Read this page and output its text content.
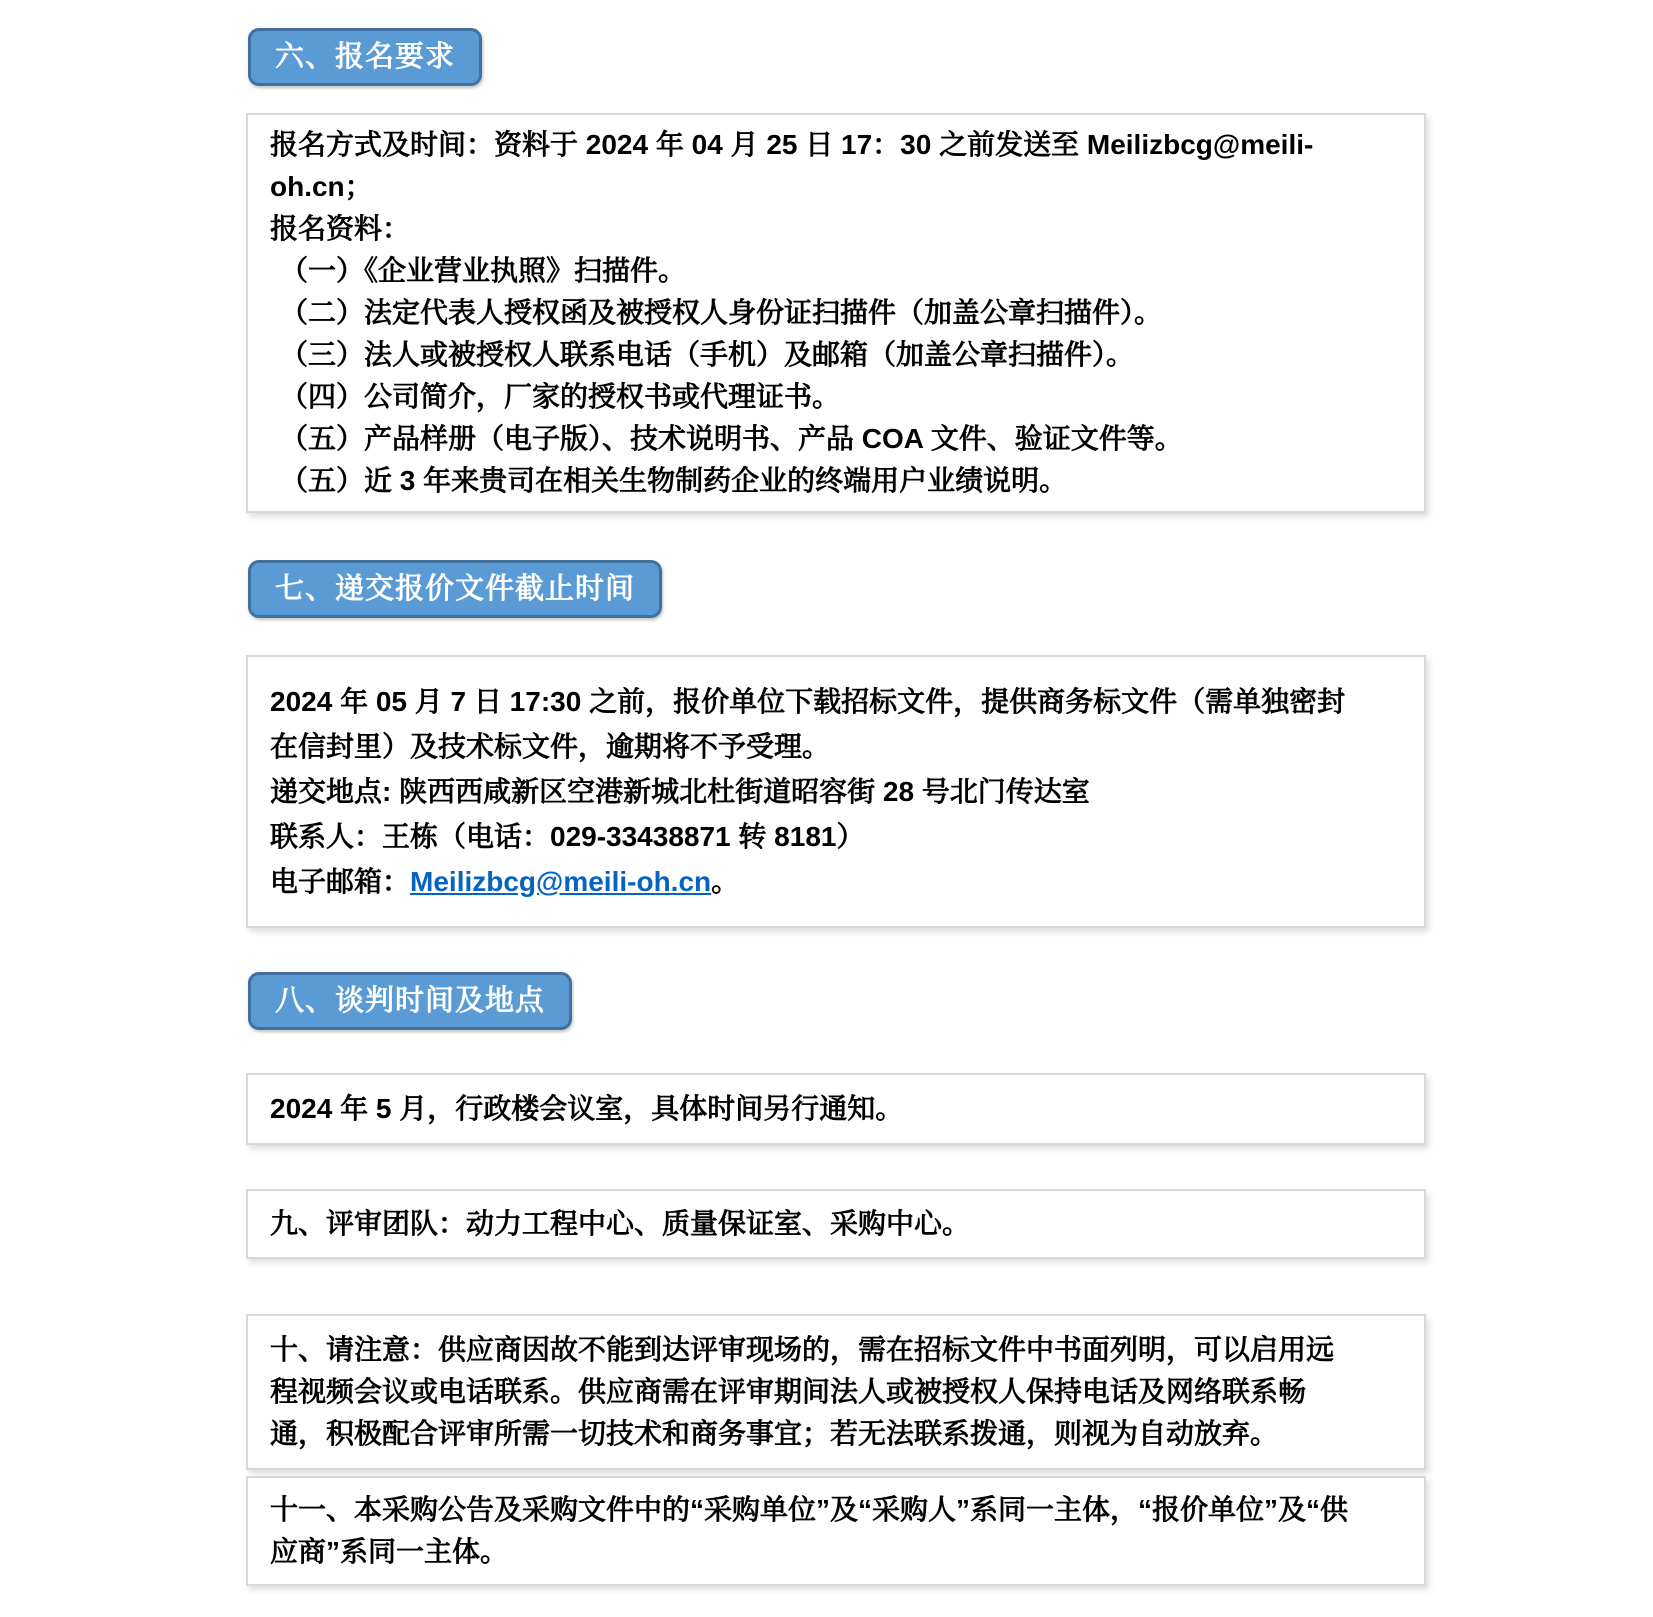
六、报名要求

报名方式及时间：资料于 2024 年 04 月 25 日 17：30 之前发送至 Meilizbcg@meili-

oh.cn；

报名资料：

（一）《企业营业执照》扫描件。

（二）法定代表人授权函及被授权人身份证扫描件（加盖公章扫描件）。

（三）法人或被授权人联系电话（手机）及邮箱（加盖公章扫描件）。

（四）公司简介，厂家的授权书或代理证书。

（五）产品样册（电子版）、技术说明书、产品 COA 文件、验证文件等。

（五）近 3 年来贵司在相关生物制药企业的终端用户业绩说明。

七、递交报价文件截止时间

2024 年 05 月 7 日 17:30 之前，报价单位下载招标文件，提供商务标文件（需单独密封

在信封里）及技术标文件，逾期将不予受理。

递交地点: 陕西西咸新区空港新城北杜街道昭容街 28 号北门传达室

联系人：王栋（电话：029-33438871 转 8181）

电子邮箱：Meilizbcg@meili-oh.cn。

八、谈判时间及地点

2024 年 5 月，行政楼会议室，具体时间另行通知。

九、评审团队：动力工程中心、质量保证室、采购中心。

十、请注意：供应商因故不能到达评审现场的，需在招标文件中书面列明，可以启用远

程视频会议或电话联系。供应商需在评审期间法人或被授权人保持电话及网络联系畅

通，积极配合评审所需一切技术和商务事宜；若无法联系拨通，则视为自动放弃。

十一、本采购公告及采购文件中的“采购单位”及“采购人”系同一主体，“报价单位”及“供

应商”系同一主体。
